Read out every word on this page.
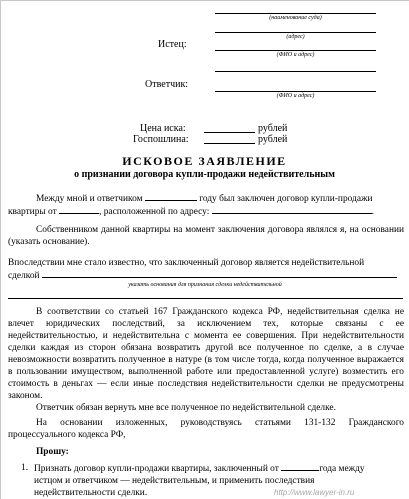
(наименование суда)
Истец:
(адрес)
(ФИО и адрес)
Ответчик:
(ФИО и адрес)
Цена иска:	рублей
Госпошлина:	рублей
ИСКОВОЕ ЗАЯВЛЕНИЕ
о признании договора купли-продажи недействительным
Между мной и ответчиком	году был заключен договор купли-продажи
квартиры от	, расположенной по адресу:	.
Собственником данной квартиры на момент заключения договора являлся я, на основании (указать основание).
Впоследствии мне стало известно, что заключенный договор является недействительной
сделкой
указать основания для признания сделки недействительной
В соответствии со статьей 167 Гражданского кодекса РФ, недействительная сделка не влечет юридических последствий, за исключением тех, которые связаны с ее недействительностью, и недействительна с момента ее совершения. При недействительности сделки каждая из сторон обязана возвратить другой все полученное по сделке, а в случае невозможности возвратить полученное в натуре (в том числе тогда, когда полученное выражается в пользовании имуществом, выполненной работе или предоставленной услуге) возместить его стоимость в деньгах — если иные последствия недействительности сделки не предусмотрены законом.
Ответчик обязан вернуть мне все полученное по недействительной сделке.
На основании изложенных, руководствуясь статьями 131-132 Гражданского процессуального кодекса РФ,
Прошу:
1. Признать договор купли-продажи квартиры, заключенный от	года между
истцом и ответчиком — недействительным, и применить последствия
недействительности сделки.	http://www.lawyer-in.ru
